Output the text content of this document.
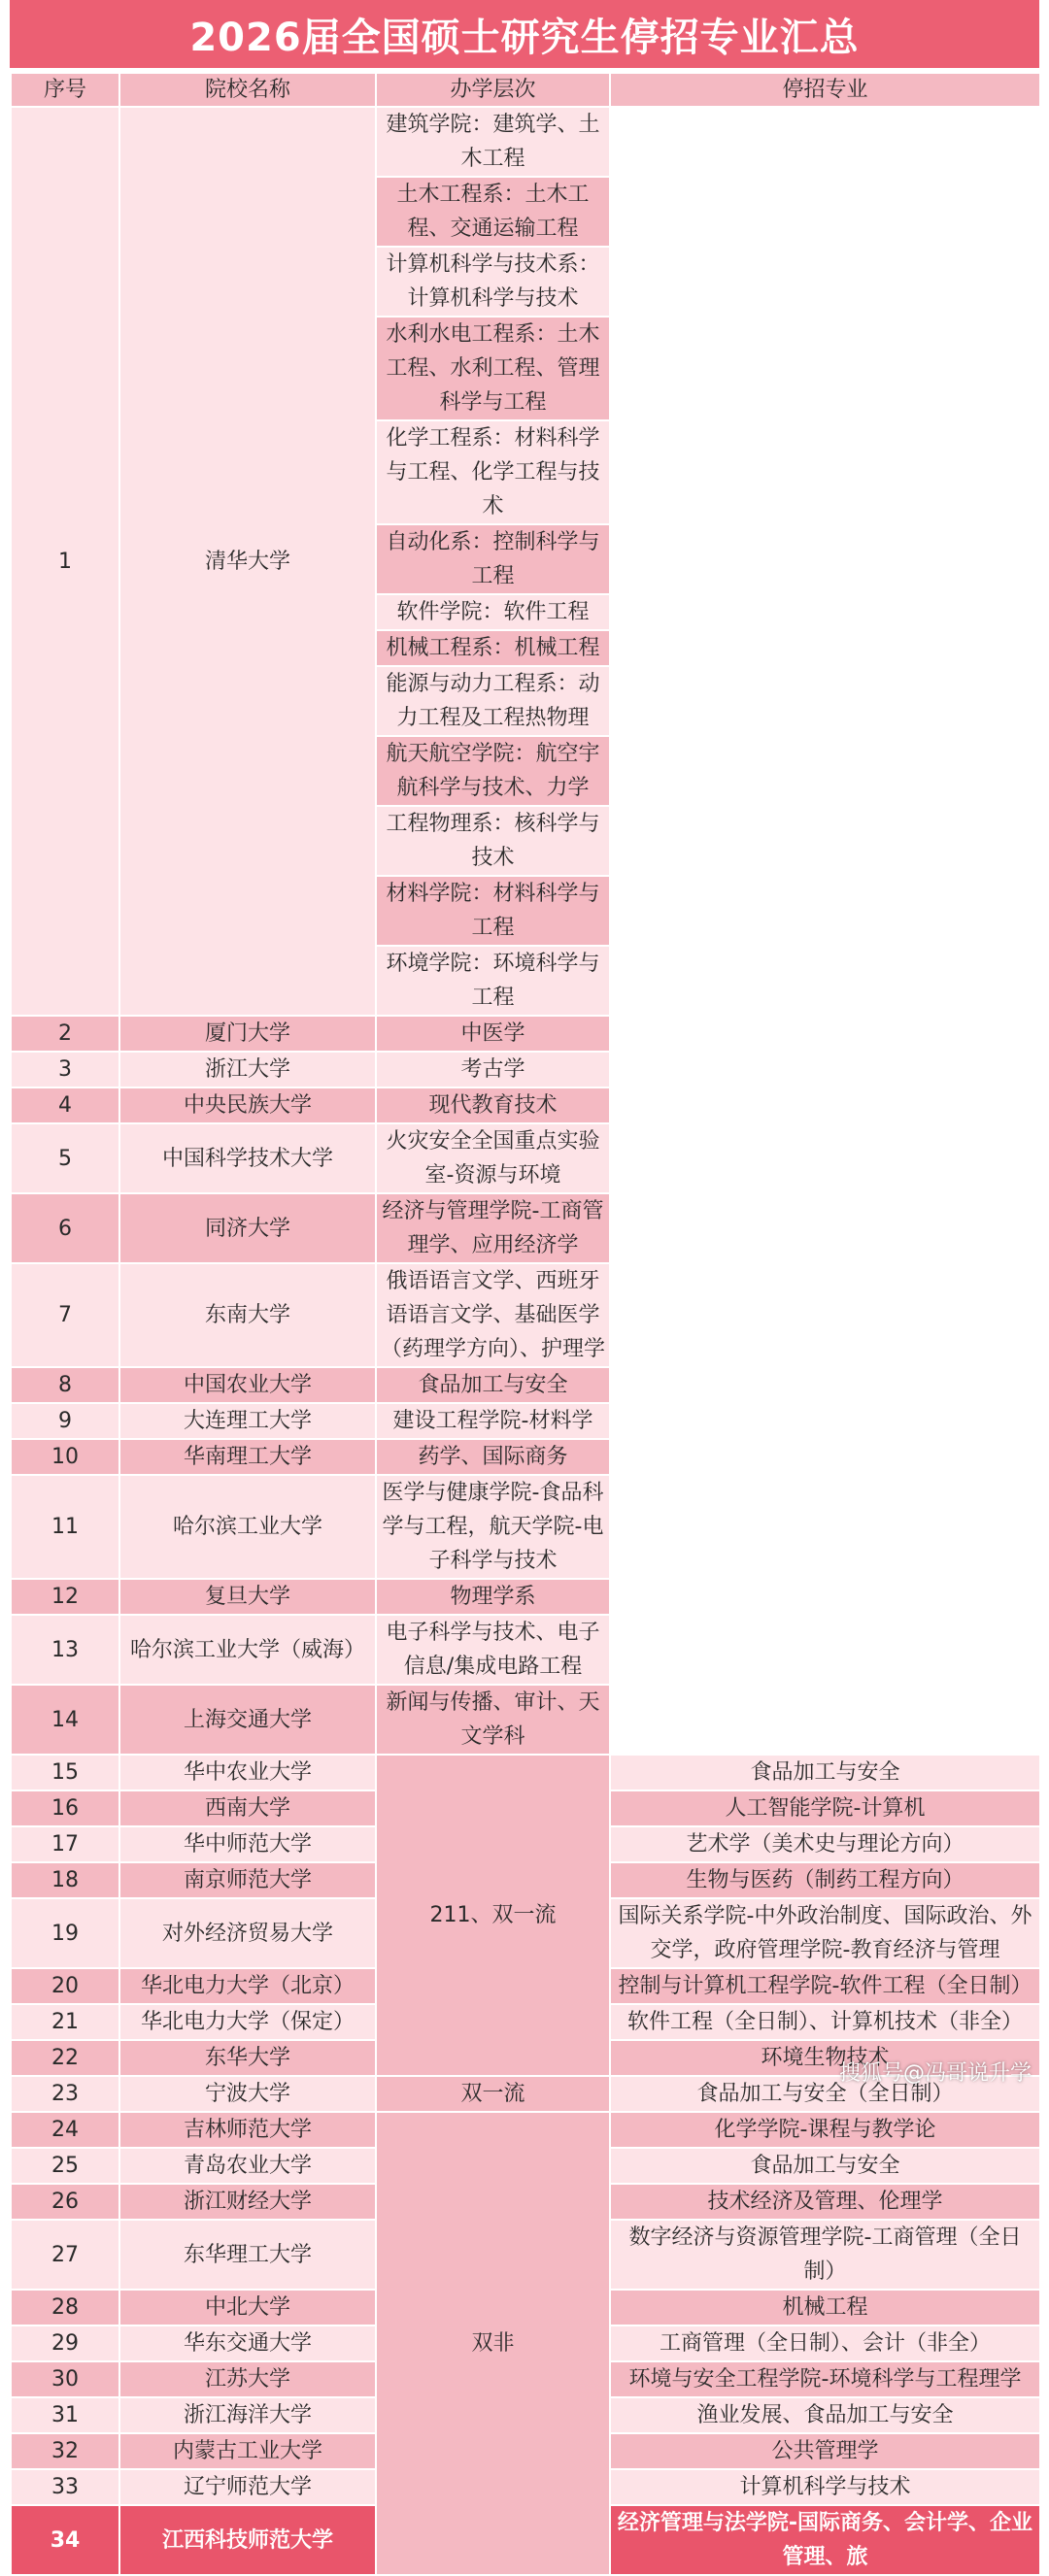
2026届全国硕士研究生停招专业汇总
序号	院校名称	办学层次	停招专业
1	清华大学	建筑学院：建筑学、土木工程	
		土木工程系：土木工程、交通运输工程	
		计算机科学与技术系：计算机科学与技术	
		水利水电工程系：土木工程、水利工程、管理科学与工程	
		化学工程系：材料科学与工程、化学工程与技术	
		自动化系：控制科学与工程	
		软件学院：软件工程	
		机械工程系：机械工程	
		能源与动力工程系：动力工程及工程热物理	
		航天航空学院：航空宇航科学与技术、力学	
		工程物理系：核科学与技术	
		材料学院：材料科学与工程	
		环境学院：环境科学与工程	
2	厦门大学	中医学	
3	浙江大学	考古学	
4	中央民族大学	现代教育技术	
5	中国科学技术大学	火灾安全全国重点实验室-资源与环境	
6	同济大学	经济与管理学院-工商管理学、应用经济学	
7	东南大学	俄语语言文学、西班牙语语言文学、基础医学（药理学方向）、护理学	
8	中国农业大学	食品加工与安全	
9	大连理工大学	建设工程学院-材料学	
10	华南理工大学	药学、国际商务	
11	哈尔滨工业大学	医学与健康学院-食品科学与工程，航天学院-电子科学与技术	
12	复旦大学	物理学系	
13	哈尔滨工业大学（威海）	电子科学与技术、电子信息/集成电路工程	
14	上海交通大学	新闻与传播、审计、天文学科	
15	华中农业大学	211、双一流	食品加工与安全
16	西南大学		人工智能学院-计算机
17	华中师范大学		艺术学（美术史与理论方向）
18	南京师范大学		生物与医药（制药工程方向）
19	对外经济贸易大学		国际关系学院-中外政治制度、国际政治、外交学，政府管理学院-教育经济与管理
20	华北电力大学（北京）		控制与计算机工程学院-软件工程（全日制）
21	华北电力大学（保定）		软件工程（全日制）、计算机技术（非全）
22	东华大学		环境生物技术
23	宁波大学	双一流	食品加工与安全（全日制）
24	吉林师范大学	双非	化学学院-课程与教学论
25	青岛农业大学		食品加工与安全
26	浙江财经大学		技术经济及管理、伦理学
27	东华理工大学		数字经济与资源管理学院-工商管理（全日制）
28	中北大学		机械工程
29	华东交通大学		工商管理（全日制）、会计（非全）
30	江苏大学		环境与安全工程学院-环境科学与工程理学
31	浙江海洋大学		渔业发展、食品加工与安全
32	内蒙古工业大学		公共管理学
33	辽宁师范大学		计算机科学与技术
34	江西科技师范大学		经济管理与法学院-国际商务、会计学、企业管理、旅
搜狐号@冯哥说升学
